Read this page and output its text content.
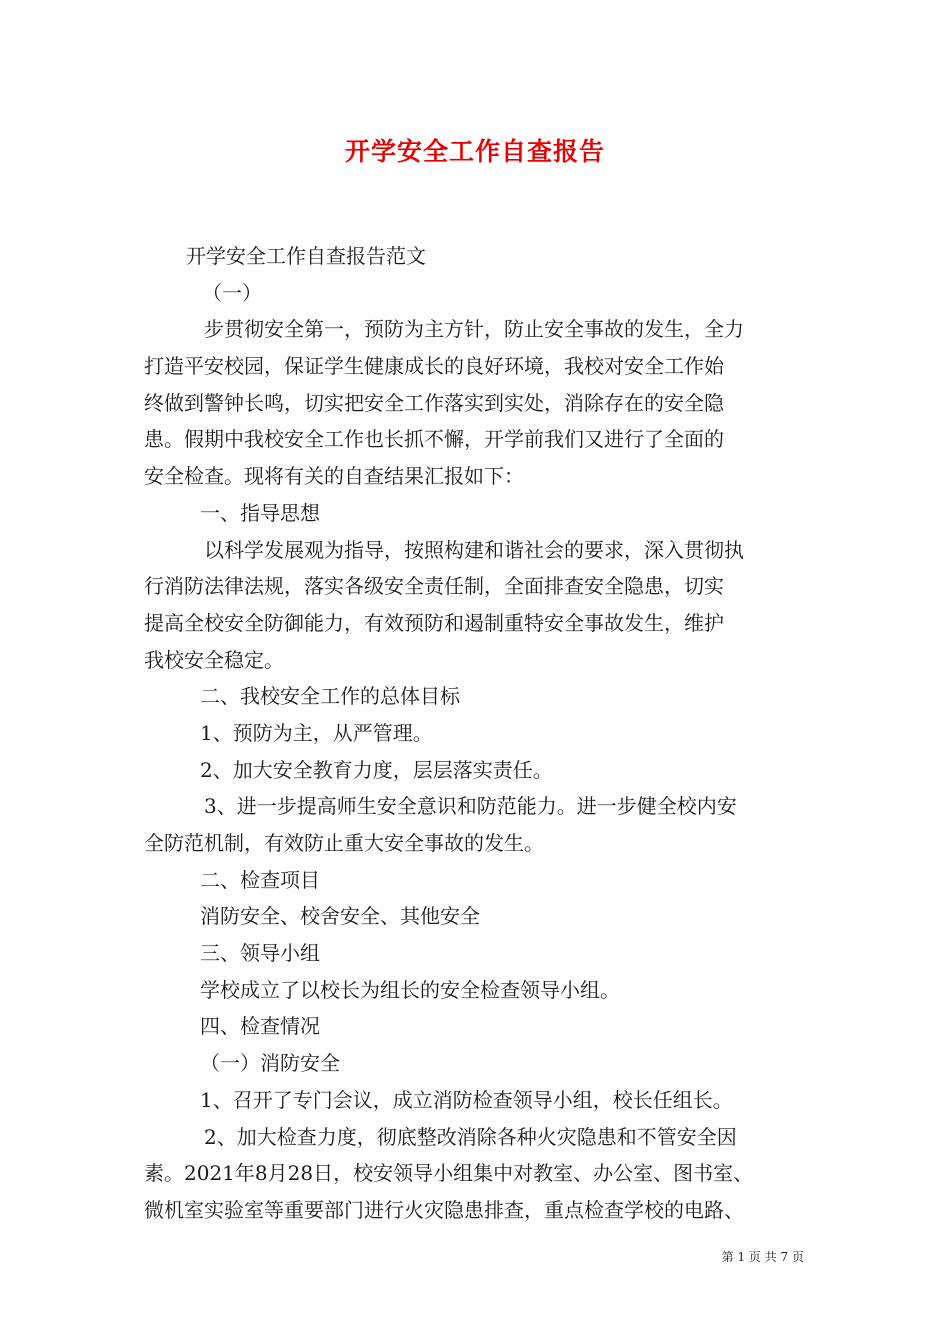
开学安全工作自查报告
开学安全工作自查报告范文
（一）
步贯彻安全第一，预防为主方针，防止安全事故的发生，全力
打造平安校园，保证学生健康成长的良好环境，我校对安全工作始
终做到警钟长鸣，切实把安全工作落实到实处，消除存在的安全隐
患。假期中我校安全工作也长抓不懈，开学前我们又进行了全面的
安全检查。现将有关的自查结果汇报如下：
一、指导思想
以科学发展观为指导，按照构建和谐社会的要求，深入贯彻执
行消防法律法规，落实各级安全责任制，全面排查安全隐患，切实
提高全校安全防御能力，有效预防和遏制重特安全事故发生，维护
我校安全稳定。
二、我校安全工作的总体目标
1、预防为主，从严管理。
2、加大安全教育力度，层层落实责任。
3、进一步提高师生安全意识和防范能力。进一步健全校内安
全防范机制，有效防止重大安全事故的发生。
二、检查项目
消防安全、校舍安全、其他安全
三、领导小组
学校成立了以校长为组长的安全检查领导小组。
四、检查情况
（一）消防安全
1、召开了专门会议，成立消防检查领导小组，校长任组长。
2、加大检查力度，彻底整改消除各种火灾隐患和不管安全因
素。2021年8月28日，校安领导小组集中对教室、办公室、图书室、
微机室实验室等重要部门进行火灾隐患排查，重点检查学校的电路、
第 1 页 共 7 页
